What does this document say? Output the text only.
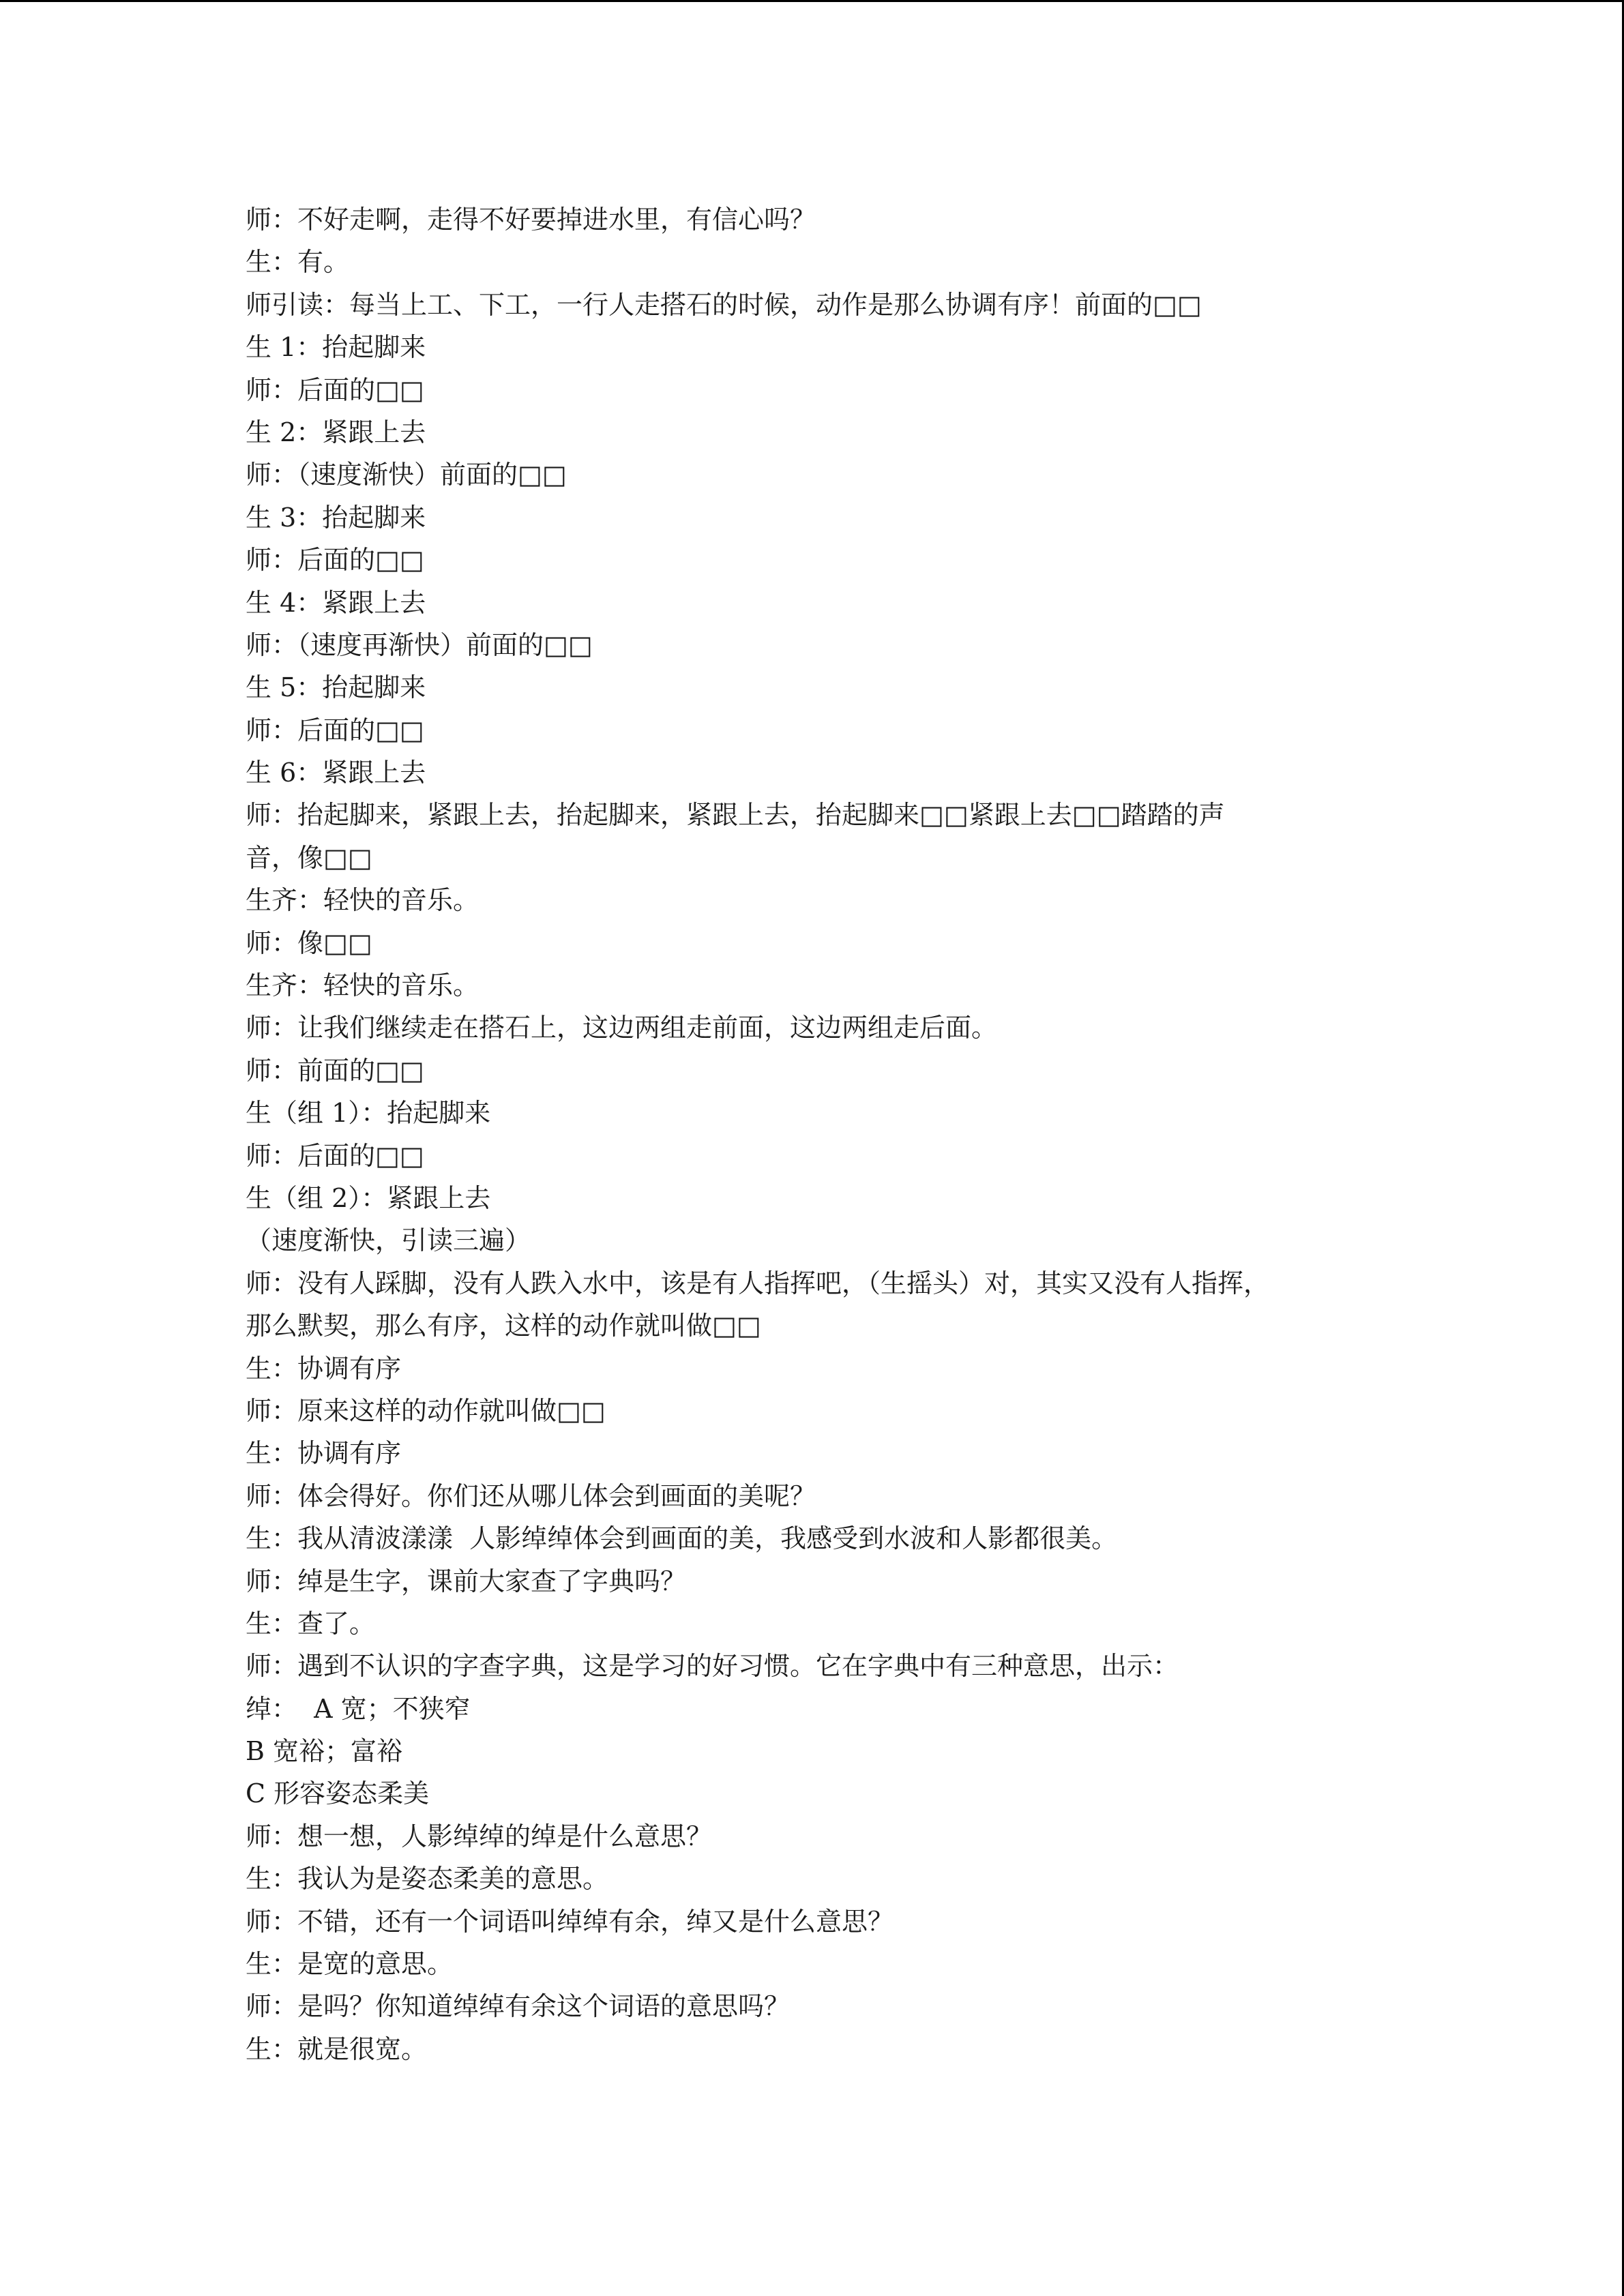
师：不好走啊，走得不好要掉进水里，有信心吗？
生：有。
师引读：每当上工、下工，一行人走搭石的时候，动作是那么协调有序！前面的□□
生 1：抬起脚来
师：后面的□□
生 2：紧跟上去
师：（速度渐快）前面的□□
生 3：抬起脚来
师：后面的□□
生 4：紧跟上去
师：（速度再渐快）前面的□□
生 5：抬起脚来
师：后面的□□
生 6：紧跟上去
师：抬起脚来，紧跟上去，抬起脚来，紧跟上去，抬起脚来□□紧跟上去□□踏踏的声
音，像□□
生齐：轻快的音乐。
师：像□□
生齐：轻快的音乐。
师：让我们继续走在搭石上，这边两组走前面，这边两组走后面。
师：前面的□□
生（组 1）：抬起脚来
师：后面的□□
生（组 2）：紧跟上去
（速度渐快，引读三遍）
师：没有人踩脚，没有人跌入水中，该是有人指挥吧，（生摇头）对，其实又没有人指挥，
那么默契，那么有序，这样的动作就叫做□□
生：协调有序
师：原来这样的动作就叫做□□
生：协调有序
师：体会得好。你们还从哪儿体会到画面的美呢？
生：我从⁠清波漾漾  人影绰绰⁠体会到画面的美，我感受到水波和人影都很美。
师：⁠绰⁠是生字，课前大家查了字典吗？
生：查了。
师：遇到不认识的字查字典，这是学习的好习惯。它在字典中有三种意思，出示：
绰：  A 宽；不狭窄
B 宽裕；富裕
C 形容姿态柔美
师：想一想，⁠人影绰绰⁠的⁠绰⁠是什么意思？
生：我认为是⁠姿态柔美⁠的意思。
师：不错，还有一个词语叫⁠绰绰有余⁠，⁠绰⁠又是什么意思？
生：是⁠宽⁠的意思。
师：是吗？你知道⁠绰绰有余⁠这个词语的意思吗？
生：就是很宽。
